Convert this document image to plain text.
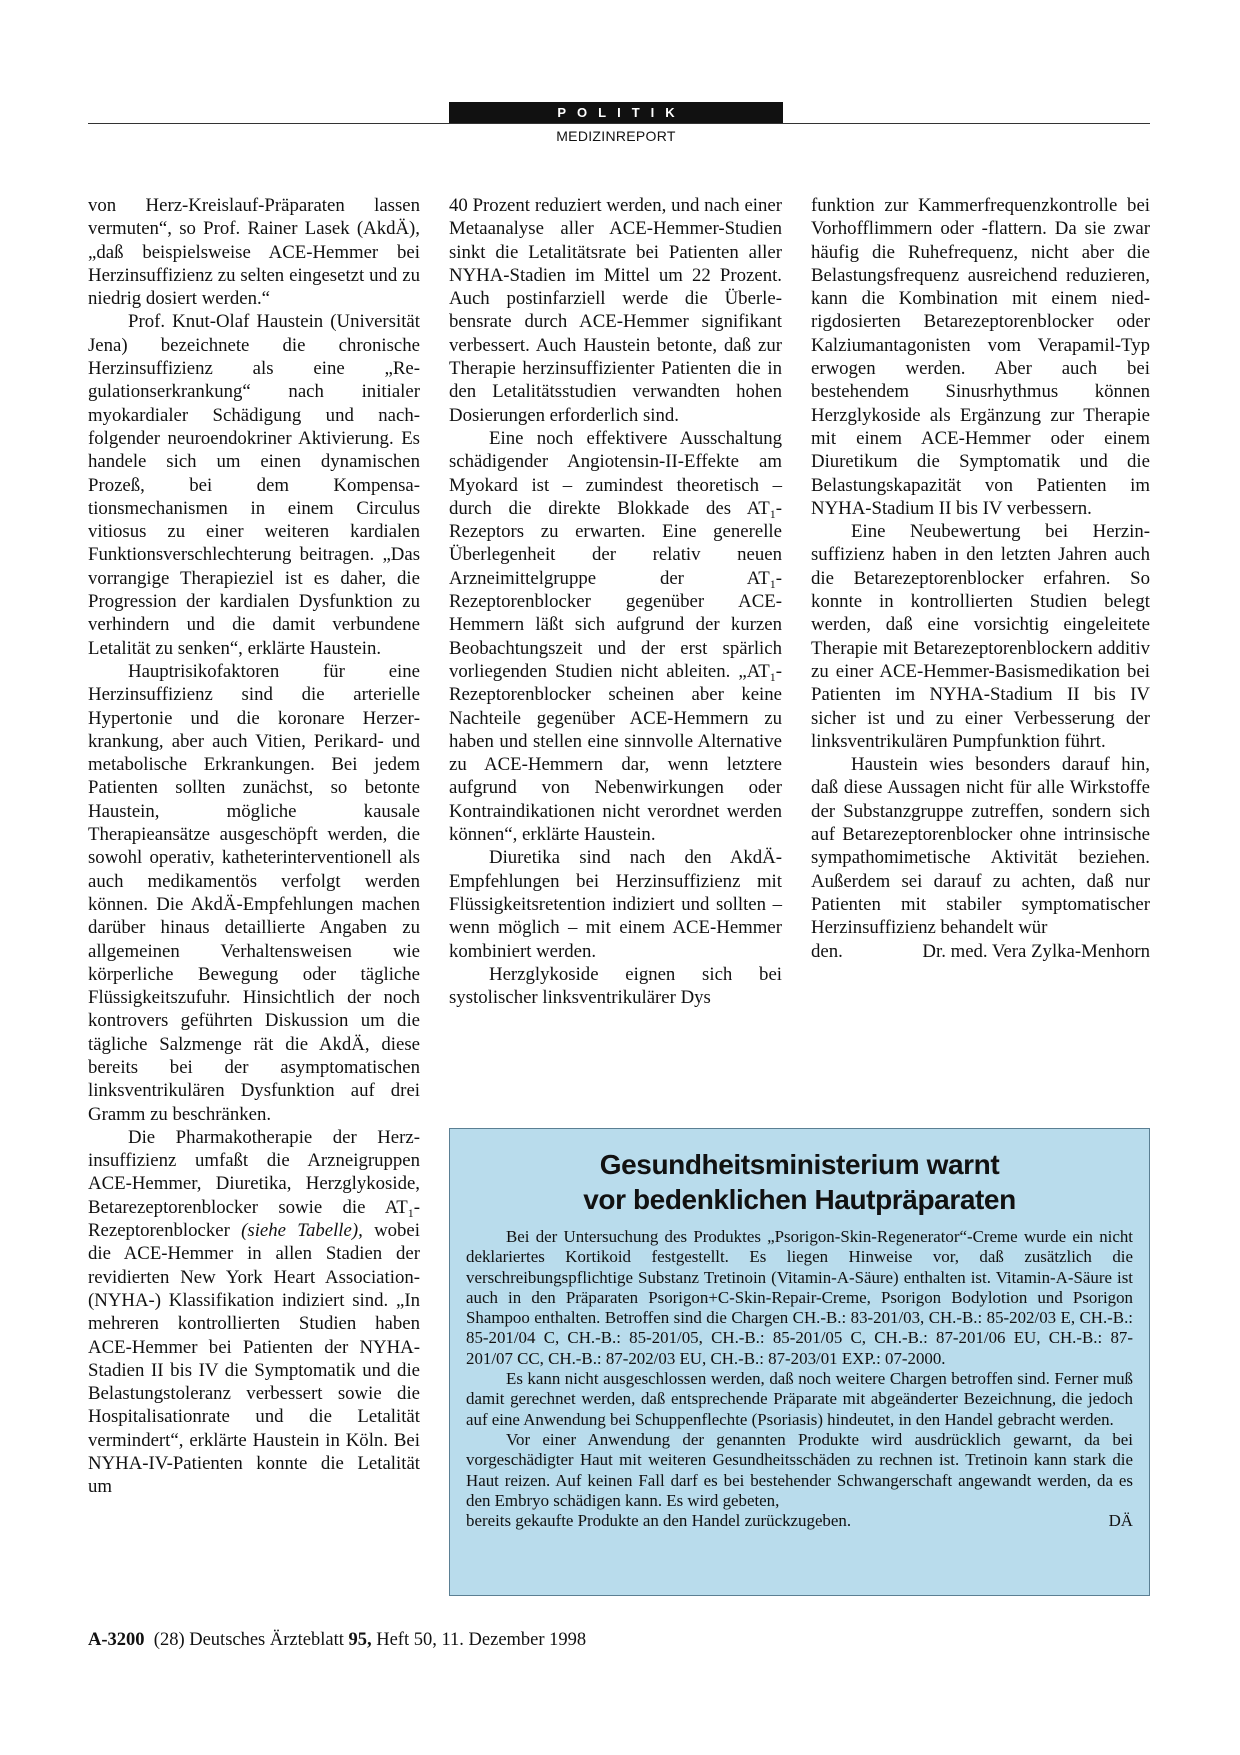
POLITIK
MEDIZINREPORT

von Herz-Kreislauf-Präparaten lassen vermuten“, so Prof. Rainer Lasek (AkdÄ), „daß beispielsweise ACE-Hemmer bei Herzinsuffizienz zu selten eingesetzt und zu niedrig dosiert werden.“

Prof. Knut-Olaf Haustein (Universität Jena) bezeichnete die chronische Herzinsuffizienz als eine „Regulationserkrankung“ nach initialer myokardialer Schädigung und nachfolgender neuroendokriner Aktivierung. Es handele sich um einen dynamischen Prozeß, bei dem Kompensationsmechanismen in einem Circulus vitiosus zu einer weiteren kardialen Funktionsverschlechterung beitragen. „Das vorrangige Therapieziel ist es daher, die Progression der kardialen Dysfunktion zu verhindern und die damit verbundene Letalität zu senken“, erklärte Haustein.

Hauptrisikofaktoren für eine Herzinsuffizienz sind die arterielle Hypertonie und die koronare Herzerkrankung, aber auch Vitien, Perikard- und metabolische Erkrankungen. Bei jedem Patienten sollten zunächst, so betonte Haustein, mögliche kausale Therapieansätze ausgeschöpft werden, die sowohl operativ, katheterinterventionell als auch medikamentös verfolgt werden können. Die AkdÄ-Empfehlungen machen darüber hinaus detaillierte Angaben zu allgemeinen Verhaltensweisen wie körperliche Bewegung oder tägliche Flüssigkeitszufuhr. Hinsichtlich der noch kontrovers geführten Diskussion um die tägliche Salzmenge rät die AkdÄ, diese bereits bei der asymptomatischen linksventrikulären Dysfunktion auf drei Gramm zu beschränken.

Die Pharmakotherapie der Herzinsuffizienz umfaßt die Arzneigruppen ACE-Hemmer, Diuretika, Herzglykoside, Betarezeptorenblocker sowie die $AT_1$-Rezeptorenblocker (siehe Tabelle), wobei die ACE-Hemmer in allen Stadien der revidierten New York Heart Association-(NYHA-) Klassifikation indiziert sind. „In mehreren kontrollierten Studien haben ACE-Hemmer bei Patienten der NYHA-Stadien II bis IV die Symptomatik und die Belastungstoleranz verbessert sowie die Hospitalisationrate und die Letalität vermindert“, erklärte Haustein in Köln. Bei NYHA-IV-Patienten konnte die Letalität um

40 Prozent reduziert werden, und nach einer Metaanalyse aller ACE-Hemmer-Studien sinkt die Letalitätsrate bei Patienten aller NYHA-Stadien im Mittel um 22 Prozent. Auch postinfarziell werde die Überlebensrate durch ACE-Hemmer signifikant verbessert. Auch Haustein betonte, daß zur Therapie herzinsuffizienter Patienten die in den Letalitätsstudien verwandten hohen Dosierungen erforderlich sind.

Eine noch effektivere Ausschaltung schädigender Angiotensin-II-Effekte am Myokard ist – zumindest theoretisch – durch die direkte Blokkade des $AT_1$-Rezeptors zu erwarten. Eine generelle Überlegenheit der relativ neuen Arzneimittelgruppe der $AT_1$-Rezeptorenblocker gegenüber ACE-Hemmern läßt sich aufgrund der kurzen Beobachtungszeit und der erst spärlich vorliegenden Studien nicht ableiten. $„AT_1$-Rezeptorenblocker scheinen aber keine Nachteile gegenüber ACE-Hemmern zu haben und stellen eine sinnvolle Alternative zu ACE-Hemmern dar, wenn letztere aufgrund von Nebenwirkungen oder Kontraindikationen nicht verordnet werden können“, erklärte Haustein.

Diuretika sind nach den AkdÄ-Empfehlungen bei Herzinsuffizienz mit Flüssigkeitsretention indiziert und sollten – wenn möglich – mit einem ACE-Hemmer kombiniert werden.

Herzglykoside eignen sich bei systolischer linksventrikulärer Dys

funktion zur Kammerfrequenzkontrolle bei Vorhofflimmern oder -flattern. Da sie zwar häufig die Ruhefrequenz, nicht aber die Belastungsfrequenz ausreichend reduzieren, kann die Kombination mit einem niedrigdosierten Betarezeptorenblocker oder Kalziumantagonisten vom Verapamil-Typ erwogen werden. Aber auch bei bestehendem Sinusrhythmus können Herzglykoside als Ergänzung zur Therapie mit einem ACE-Hemmer oder einem Diuretikum die Symptomatik und die Belastungskapazität von Patienten im NYHA-Stadium II bis IV verbessern.

Eine Neubewertung bei Herzinsuffizienz haben in den letzten Jahren auch die Betarezeptorenblocker erfahren. So konnte in kontrollierten Studien belegt werden, daß eine vorsichtig eingeleitete Therapie mit Betarezeptorenblockern additiv zu einer ACE-Hemmer-Basismedikation bei Patienten im NYHA-Stadium II bis IV sicher ist und zu einer Verbesserung der linksventrikulären Pumpfunktion führt.

Haustein wies besonders darauf hin, daß diese Aussagen nicht für alle Wirkstoffe der Substanzgruppe zutreffen, sondern sich auf Betarezeptorenblocker ohne intrinsische sympathomimetische Aktivität beziehen. Außerdem sei darauf zu achten, daß nur Patienten mit stabiler symptomatischer Herzinsuffizienz behandelt wür

den.	Dr. med. Vera Zylka-Menhorn
Gesundheitsministerium warnt
vor bedenklichen Hautpräparaten

Bei der Untersuchung des Produktes „Psorigon-Skin-Regenerator“-Creme wurde ein nicht deklariertes Kortikoid festgestellt. Es liegen Hinweise vor, daß zusätzlich die verschreibungspflichtige Substanz Tretinoin (Vitamin-A-Säure) enthalten ist. Vitamin-A-Säure ist auch in den Präparaten Psorigon+C-Skin-Repair-Creme, Psorigon Bodylotion und Psorigon Shampoo enthalten. Betroffen sind die Chargen CH.-B.: 83-201/03, CH.-B.: 85-202/03 E, CH.-B.: 85-201/04 C, CH.-B.: 85-201/05, CH.-B.: 85-201/05 C, CH.-B.: 87-201/06 EU, CH.-B.: 87-201/07 CC, CH.-B.: 87-202/03 EU, CH.-B.: 87-203/01 EXP.: 07-2000.

Es kann nicht ausgeschlossen werden, daß noch weitere Chargen betroffen sind. Ferner muß damit gerechnet werden, daß entsprechende Präparate mit abgeänderter Bezeichnung, die jedoch auf eine Anwendung bei Schuppenflechte (Psoriasis) hindeutet, in den Handel gebracht werden.

Vor einer Anwendung der genannten Produkte wird ausdrücklich gewarnt, da bei vorgeschädigter Haut mit weiteren Gesundheitsschäden zu rechnen ist. Tretinoin kann stark die Haut reizen. Auf keinen Fall darf es bei bestehender Schwangerschaft angewandt werden, da es den Embryo schädigen kann. Es wird gebeten,

bereits gekaufte Produkte an den Handel zurückzugeben.	DÄ
A-3200 (28) Deutsches Ärzteblatt 95, Heft 50, 11. Dezember 1998
